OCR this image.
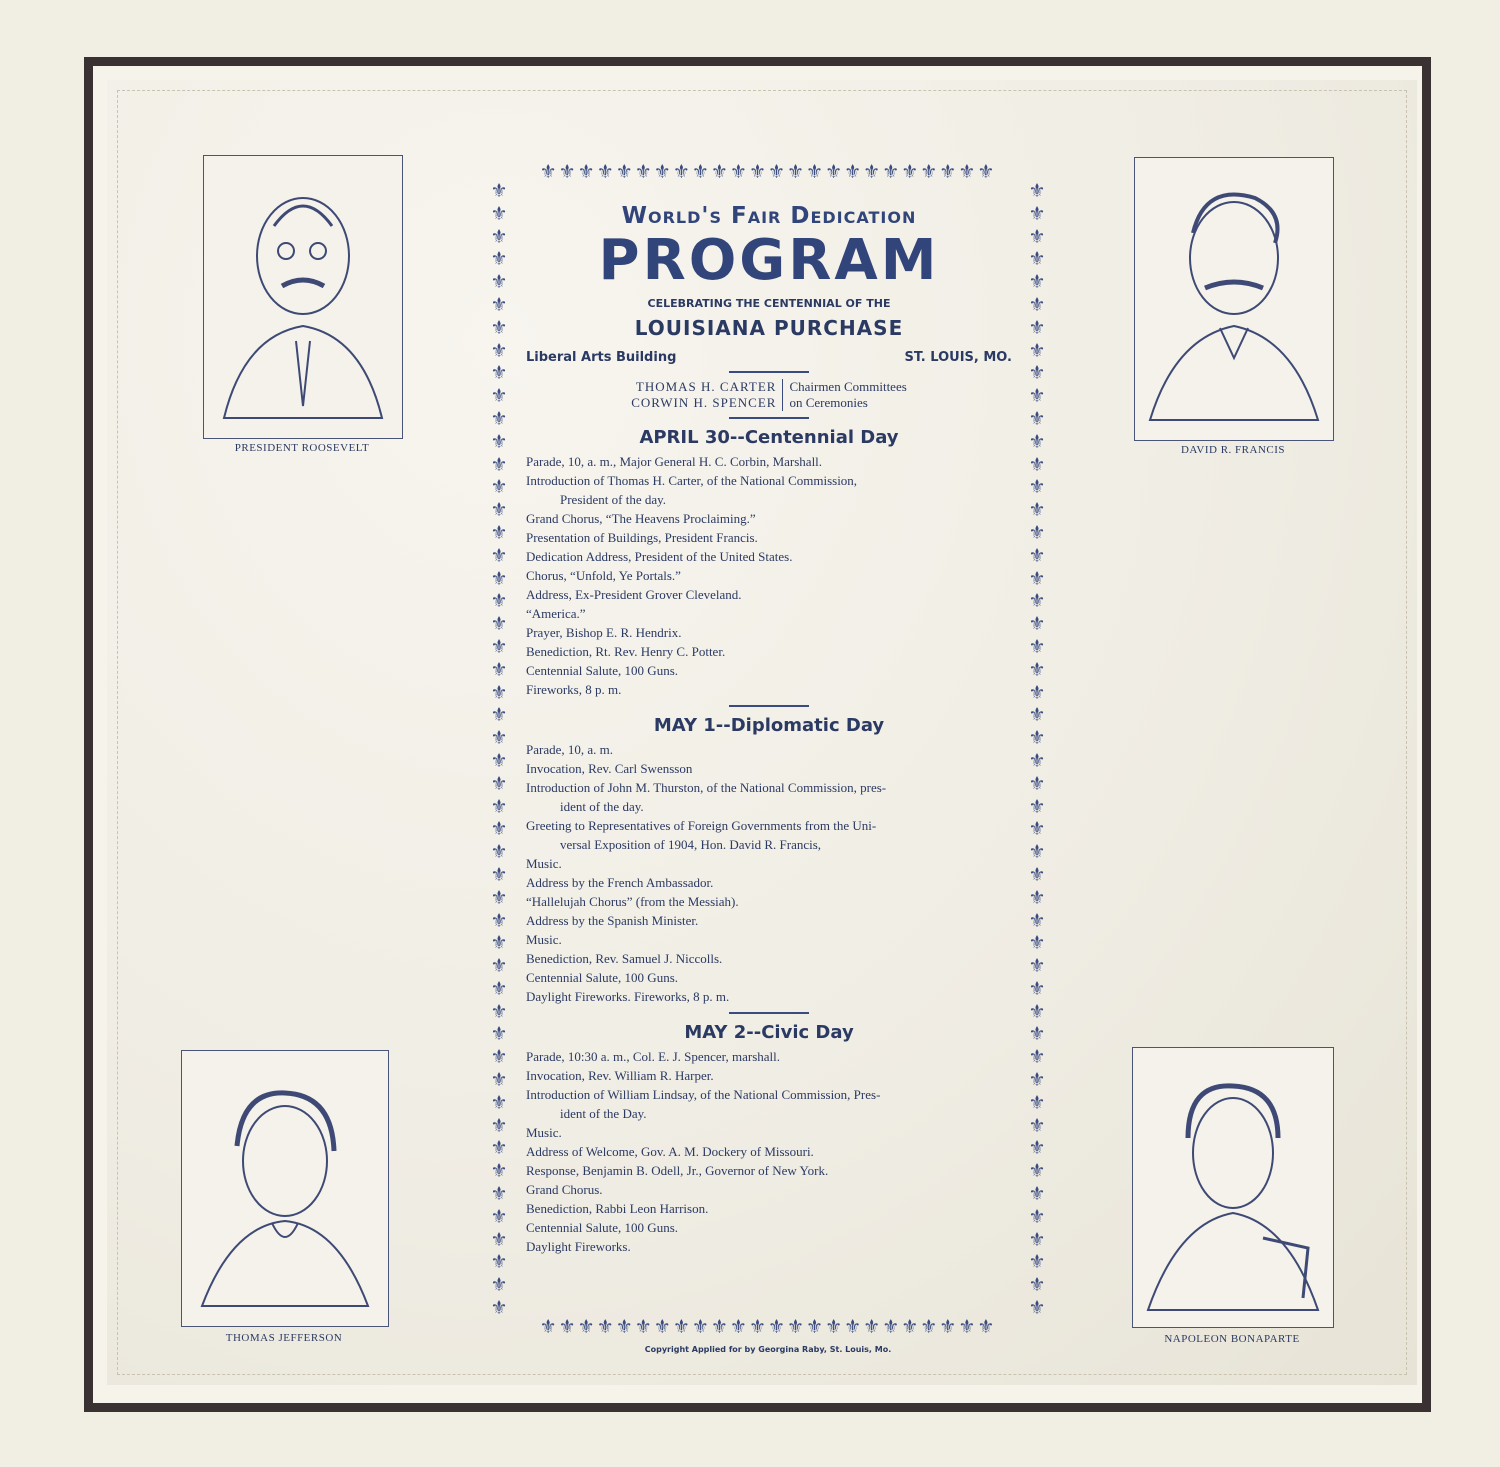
PRESIDENT ROOSEVELT	DAVID R. FRANCIS
THOMAS JEFFERSON	NAPOLEON BONAPARTE
⚜⚜⚜⚜⚜⚜⚜⚜⚜⚜⚜⚜⚜⚜⚜⚜⚜⚜⚜⚜⚜⚜⚜⚜
⚜⚜⚜⚜⚜⚜⚜⚜⚜⚜⚜⚜⚜⚜⚜⚜⚜⚜⚜⚜⚜⚜⚜⚜⚜⚜⚜⚜⚜⚜⚜⚜⚜⚜⚜⚜⚜⚜⚜⚜⚜⚜⚜⚜⚜⚜⚜⚜⚜⚜
⚜⚜⚜⚜⚜⚜⚜⚜⚜⚜⚜⚜⚜⚜⚜⚜⚜⚜⚜⚜⚜⚜⚜⚜⚜⚜⚜⚜⚜⚜⚜⚜⚜⚜⚜⚜⚜⚜⚜⚜⚜⚜⚜⚜⚜⚜⚜⚜⚜⚜
⚜⚜⚜⚜⚜⚜⚜⚜⚜⚜⚜⚜⚜⚜⚜⚜⚜⚜⚜⚜⚜⚜⚜⚜
World's Fair Dedication
PROGRAM
CELEBRATING THE CENTENNIAL OF THE
LOUISIANA PURCHASE
Liberal Arts Building	ST. LOUIS, MO.
THOMAS H. CARTER
CORWIN H. SPENCER
Chairmen Committees
on Ceremonies
APRIL 30--Centennial Day
Parade, 10, a. m., Major General H. C. Corbin, Marshall.
Introduction of Thomas H. Carter, of the National Commission,
President of the day.
Grand Chorus, “The Heavens Proclaiming.”
Presentation of Buildings, President Francis.
Dedication Address, President of the United States.
Chorus, “Unfold, Ye Portals.”
Address, Ex-President Grover Cleveland.
“America.”
Prayer, Bishop E. R. Hendrix.
Benediction, Rt. Rev. Henry C. Potter.
Centennial Salute, 100 Guns.
Fireworks, 8 p. m.
MAY 1--Diplomatic Day
Parade, 10, a. m.
Invocation, Rev. Carl Swensson
Introduction of John M. Thurston, of the National Commission, pres-
ident of the day.
Greeting to Representatives of Foreign Governments from the Uni-
versal Exposition of 1904, Hon. David R. Francis,
Music.
Address by the French Ambassador.
“Hallelujah Chorus” (from the Messiah).
Address by the Spanish Minister.
Music.
Benediction, Rev. Samuel J. Niccolls.
Centennial Salute, 100 Guns.
Daylight Fireworks. Fireworks, 8 p. m.
MAY 2--Civic Day
Parade, 10:30 a. m., Col. E. J. Spencer, marshall.
Invocation, Rev. William R. Harper.
Introduction of William Lindsay, of the National Commission, Pres-
ident of the Day.
Music.
Address of Welcome, Gov. A. M. Dockery of Missouri.
Response, Benjamin B. Odell, Jr., Governor of New York.
Grand Chorus.
Benediction, Rabbi Leon Harrison.
Centennial Salute, 100 Guns.
Daylight Fireworks.
Copyright Applied for by Georgina Raby, St. Louis, Mo.
